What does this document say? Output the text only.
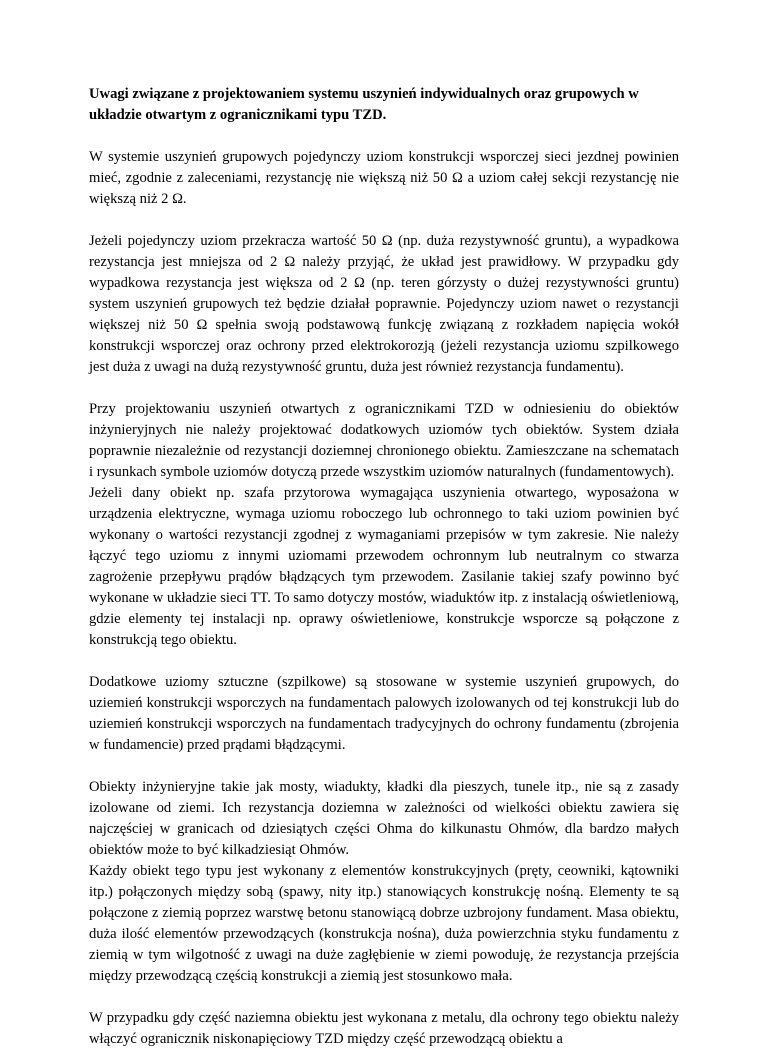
Uwagi związane z projektowaniem systemu uszynień indywidualnych oraz grupowych w układzie otwartym z ogranicznikami typu TZD.

W systemie uszynień grupowych pojedynczy uziom konstrukcji wsporczej sieci jezdnej powinien mieć, zgodnie z zaleceniami, rezystancję nie większą niż 50 Ω a uziom całej sekcji rezystancję nie większą niż 2 Ω.

Jeżeli pojedynczy uziom przekracza wartość 50 Ω (np. duża rezystywność gruntu), a wypadkowa rezystancja jest mniejsza od 2 Ω należy przyjąć, że układ jest prawidłowy. W przypadku gdy wypadkowa rezystancja jest większa od 2 Ω (np. teren górzysty o dużej rezystywności gruntu) system uszynień grupowych też będzie działał poprawnie. Pojedynczy uziom nawet o rezystancji większej niż 50 Ω spełnia swoją podstawową funkcję związaną z rozkładem napięcia wokół konstrukcji wsporczej oraz ochrony przed elektrokorozją (jeżeli rezystancja uziomu szpilkowego jest duża z uwagi na dużą rezystywność gruntu, duża jest również rezystancja fundamentu).

Przy projektowaniu uszynień otwartych z ogranicznikami TZD w odniesieniu do obiektów inżynieryjnych nie należy projektować dodatkowych uziomów tych obiektów. System działa poprawnie niezależnie od rezystancji doziemnej chronionego obiektu. Zamieszczane na schematach i rysunkach symbole uziomów dotyczą przede wszystkim uziomów naturalnych (fundamentowych).

Jeżeli dany obiekt np. szafa przytorowa wymagająca uszynienia otwartego, wyposażona w urządzenia elektryczne, wymaga uziomu roboczego lub ochronnego to taki uziom powinien być wykonany o wartości rezystancji zgodnej z wymaganiami przepisów w tym zakresie. Nie należy łączyć tego uziomu z innymi uziomami przewodem ochronnym lub neutralnym co stwarza zagrożenie przepływu prądów błądzących tym przewodem. Zasilanie takiej szafy powinno być wykonane w układzie sieci TT. To samo dotyczy mostów, wiaduktów itp. z instalacją oświetleniową, gdzie elementy tej instalacji np. oprawy oświetleniowe, konstrukcje wsporcze są połączone z konstrukcją tego obiektu.

Dodatkowe uziomy sztuczne (szpilkowe) są stosowane w systemie uszynień grupowych, do uziemień konstrukcji wsporczych na fundamentach palowych izolowanych od tej konstrukcji lub do uziemień konstrukcji wsporczych na fundamentach tradycyjnych do ochrony fundamentu (zbrojenia w fundamencie) przed prądami błądzącymi.

Obiekty inżynieryjne takie jak mosty, wiadukty, kładki dla pieszych, tunele itp., nie są z zasady izolowane od ziemi. Ich rezystancja doziemna w zależności od wielkości obiektu zawiera się najczęściej w granicach od dziesiątych części Ohma do kilkunastu Ohmów, dla bardzo małych obiektów może to być kilkadziesiąt Ohmów.

Każdy obiekt tego typu jest wykonany z elementów konstrukcyjnych (pręty, ceowniki, kątowniki itp.) połączonych między sobą (spawy, nity itp.) stanowiących konstrukcję nośną. Elementy te są połączone z ziemią poprzez warstwę betonu stanowiącą dobrze uzbrojony fundament. Masa obiektu, duża ilość elementów przewodzących (konstrukcja nośna), duża powierzchnia styku fundamentu z ziemią w tym wilgotność z uwagi na duże zagłębienie w ziemi powoduję, że rezystancja przejścia między przewodzącą częścią konstrukcji a ziemią jest stosunkowo mała.

W przypadku gdy część naziemna obiektu jest wykonana z metalu, dla ochrony tego obiektu należy włączyć ogranicznik niskonapięciowy TZD między część przewodzącą obiektu a
